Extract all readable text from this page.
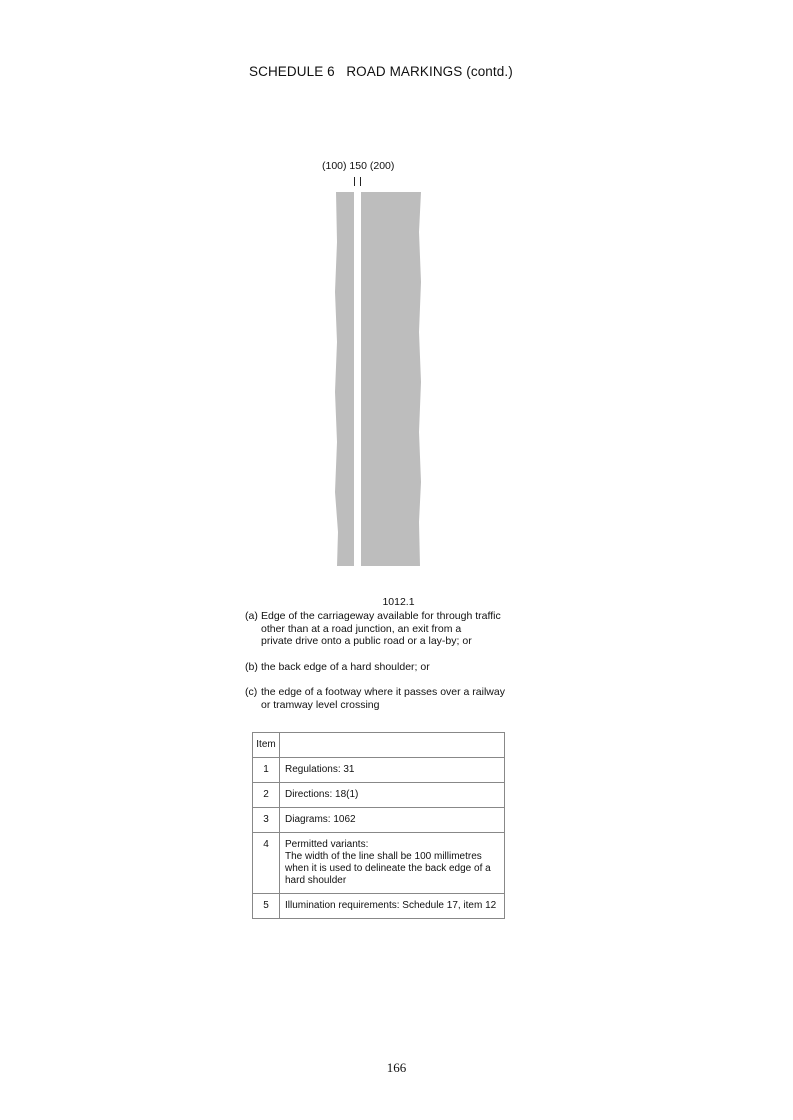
SCHEDULE 6   ROAD MARKINGS (contd.)
(100) 150 (200)
1012.1
(a) Edge of the carriageway available for through traffic
other than at a road junction, an exit from a
private drive onto a public road or a lay-by; or
(b) the back edge of a hard shoulder; or
(c) the edge of a footway where it passes over a railway
or tramway level crossing
Item	
1	Regulations: 31
2	Directions: 18(1)
3	Diagrams: 1062
4	Permitted variants:
The width of the line shall be 100 millimetres
when it is used to delineate the back edge of a
hard shoulder
5	Illumination requirements: Schedule 17, item 12
166
